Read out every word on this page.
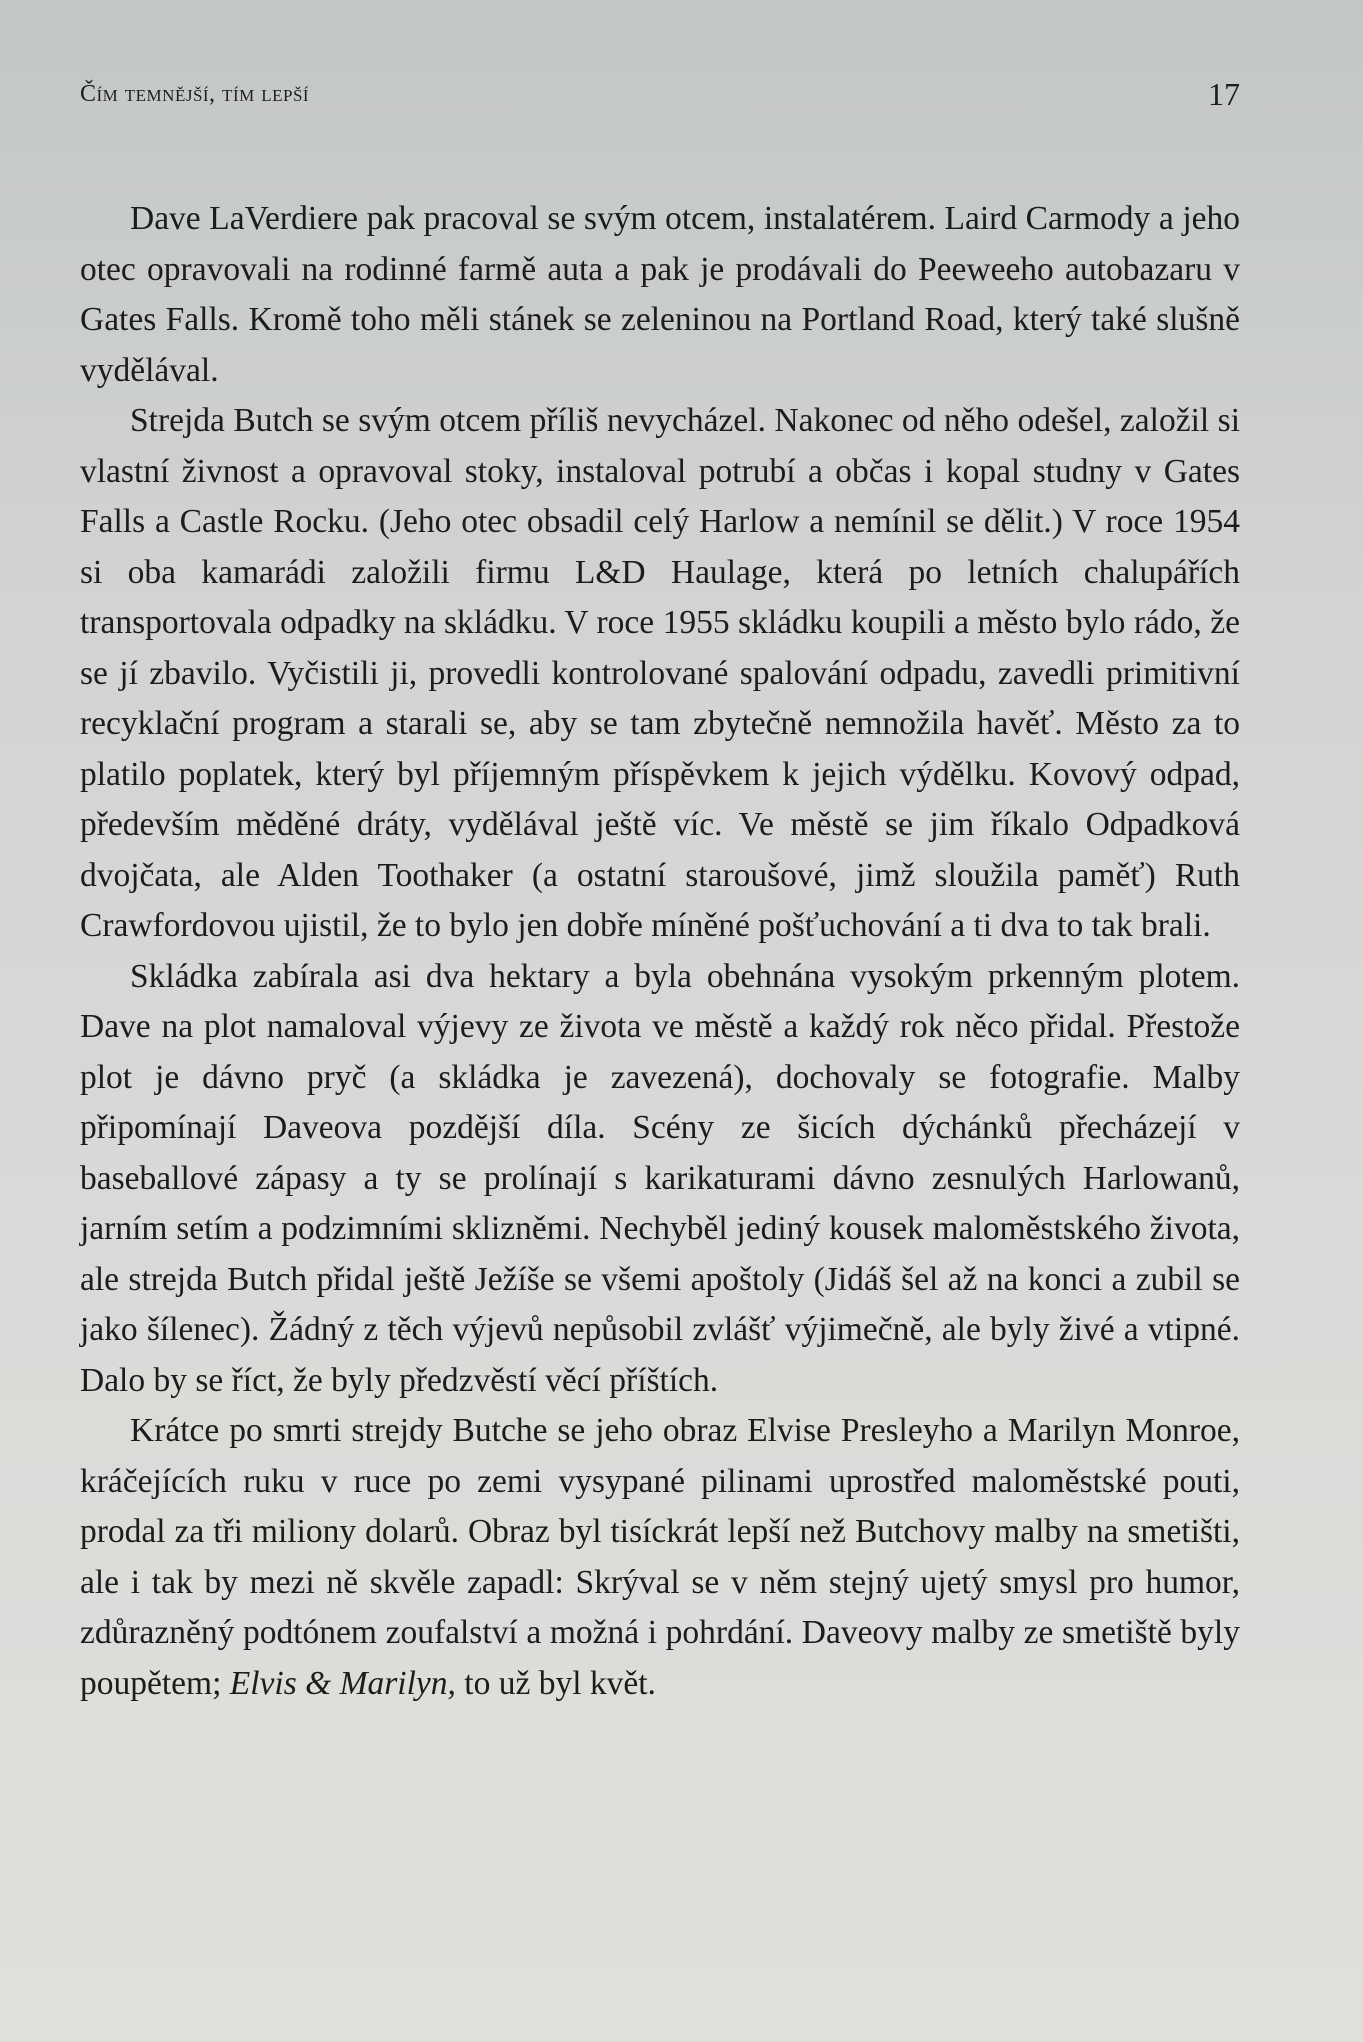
Čím temnější, tím lepší	17

Dave LaVerdiere pak pracoval se svým otcem, instalatérem. Laird Carmody a jeho otec opravovali na rodinné farmě auta a pak je prodávali do Peeweeho autobazaru v Gates Falls. Kromě toho měli stánek se zeleninou na Portland Road, který také slušně vydělával.

Strejda Butch se svým otcem příliš nevycházel. Nakonec od něho odešel, založil si vlastní živnost a opravoval stoky, instaloval potrubí a občas i kopal studny v Gates Falls a Castle Rocku. (Jeho otec obsadil celý Harlow a nemínil se dělit.) V roce 1954 si oba kamarádi založili firmu L&D Haulage, která po letních chalupářích transportovala odpadky na skládku. V roce 1955 skládku koupili a město bylo rádo, že se jí zbavilo. Vyčistili ji, provedli kontrolované spalování odpadu, zavedli primitivní recyklační program a starali se, aby se tam zbytečně nemnožila havěť. Město za to platilo poplatek, který byl příjemným příspěvkem k jejich výdělku. Kovový odpad, především měděné dráty, vydělával ještě víc. Ve městě se jim říkalo Odpadková dvojčata, ale Alden Toothaker (a ostatní staroušové, jimž sloužila paměť) Ruth Crawfordovou ujistil, že to bylo jen dobře míněné pošťuchování a ti dva to tak brali.

Skládka zabírala asi dva hektary a byla obehnána vysokým prkenným plotem. Dave na plot namaloval výjevy ze života ve městě a každý rok něco přidal. Přestože plot je dávno pryč (a skládka je zavezená), dochovaly se fotografie. Malby připomínají Daveova pozdější díla. Scény ze šicích dýchánků přecházejí v baseballové zápasy a ty se prolínají s karikaturami dávno zesnulých Harlowanů, jarním setím a podzimními sklizněmi. Nechyběl jediný kousek maloměstského života, ale strejda Butch přidal ještě Ježíše se všemi apoštoly (Jidáš šel až na konci a zubil se jako šílenec). Žádný z těch výjevů nepůsobil zvlášť výjimečně, ale byly živé a vtipné. Dalo by se říct, že byly předzvěstí věcí příštích.

Krátce po smrti strejdy Butche se jeho obraz Elvise Presleyho a Marilyn Monroe, kráčejících ruku v ruce po zemi vysypané pilinami uprostřed maloměstské pouti, prodal za tři miliony dolarů. Obraz byl tisíckrát lepší než Butchovy malby na smetišti, ale i tak by mezi ně skvěle zapadl: Skrýval se v něm stejný ujetý smysl pro humor, zdůrazněný podtónem zoufalství a možná i pohrdání. Daveovy malby ze smetiště byly poupětem; Elvis & Marilyn, to už byl květ.
